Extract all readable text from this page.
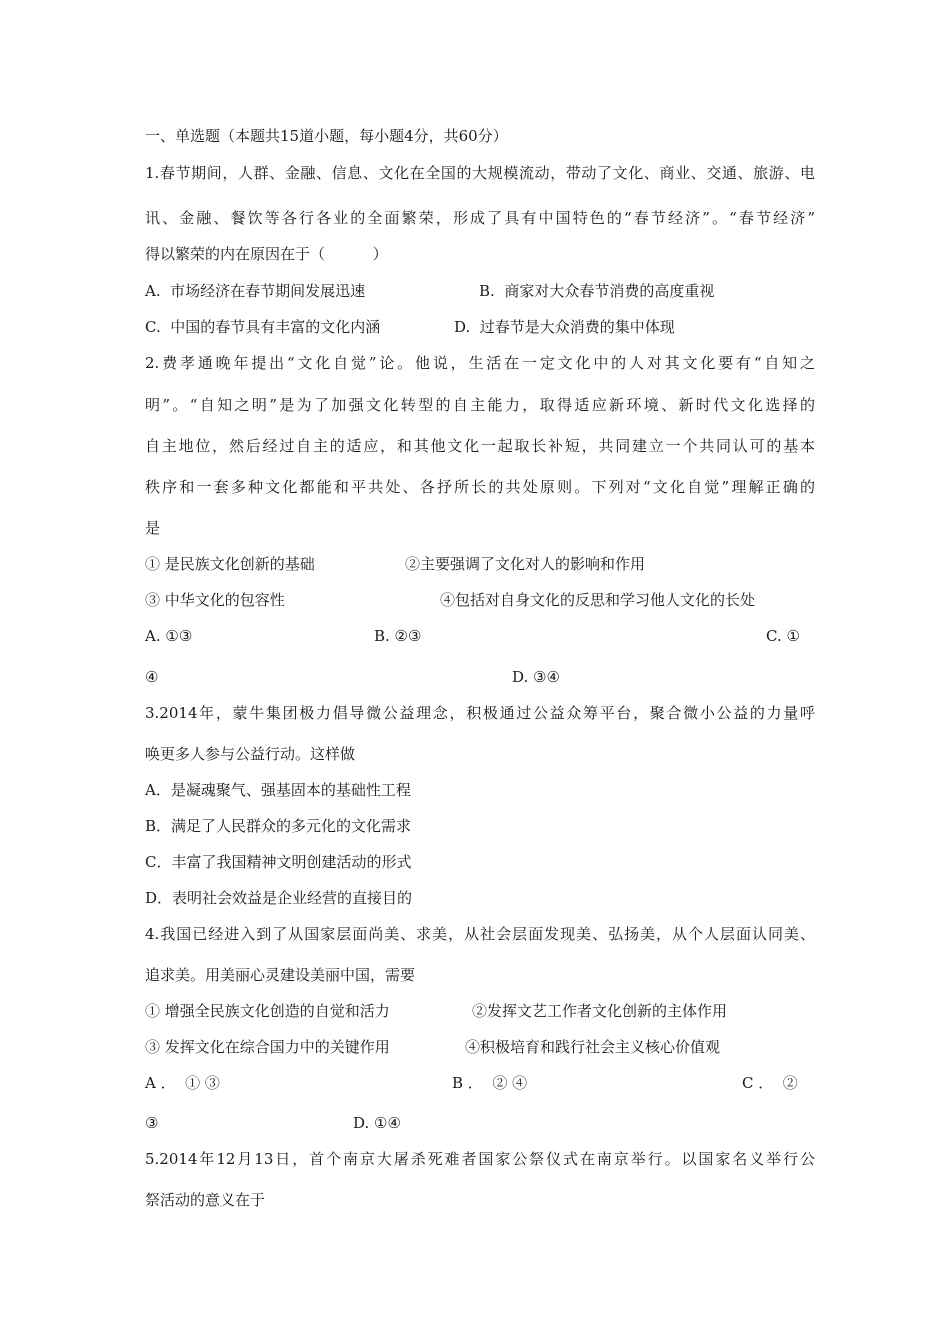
一、单选题（本题共15道小题，每小题4分，共60分）
1.春节期间，人群、金融、信息、文化在全国的大规模流动，带动了文化、商业、交通、旅游、电
讯、金融、餐饮等各行各业的全面繁荣，形成了具有中国特色的“春节经济”。“春节经济”
得以繁荣的内在原因在于（          ）
A.  市场经济在春节期间发展迅速	B.  商家对大众春节消费的高度重视
C.  中国的春节具有丰富的文化内涵	D.  过春节是大众消费的集中体现
2.费孝通晚年提出“文化自觉”论。他说，生活在一定文化中的人对其文化要有“自知之
明”。“自知之明”是为了加强文化转型的自主能力，取得适应新环境、新时代文化选择的
自主地位，然后经过自主的适应，和其他文化一起取长补短，共同建立一个共同认可的基本
秩序和一套多种文化都能和平共处、各抒所长的共处原则。下列对“文化自觉”理解正确的
是
① 是民族文化创新的基础	②主要强调了文化对人的影响和作用
③ 中华文化的包容性	④包括对自身文化的反思和学习他人文化的长处
A. ①③	B. ②③	C. ①
④	D. ③④
3.2014年，蒙牛集团极力倡导微公益理念，积极通过公益众筹平台，聚合微小公益的力量呼
唤更多人参与公益行动。这样做
A．是凝魂聚气、强基固本的基础性工程
B．满足了人民群众的多元化的文化需求
C．丰富了我国精神文明创建活动的形式
D．表明社会效益是企业经营的直接目的
4.我国已经进入到了从国家层面尚美、求美，从社会层面发现美、弘扬美，从个人层面认同美、
追求美。用美丽心灵建设美丽中国，需要
① 增强全民族文化创造的自觉和活力	②发挥文艺工作者文化创新的主体作用
③ 发挥文化在综合国力中的关键作用	④积极培育和践行社会主义核心价值观
A ．  ① ③	B ．  ② ④	C ．  ②
③	D. ①④
5.2014年12月13日，首个南京大屠杀死难者国家公祭仪式在南京举行。以国家名义举行公
祭活动的意义在于
